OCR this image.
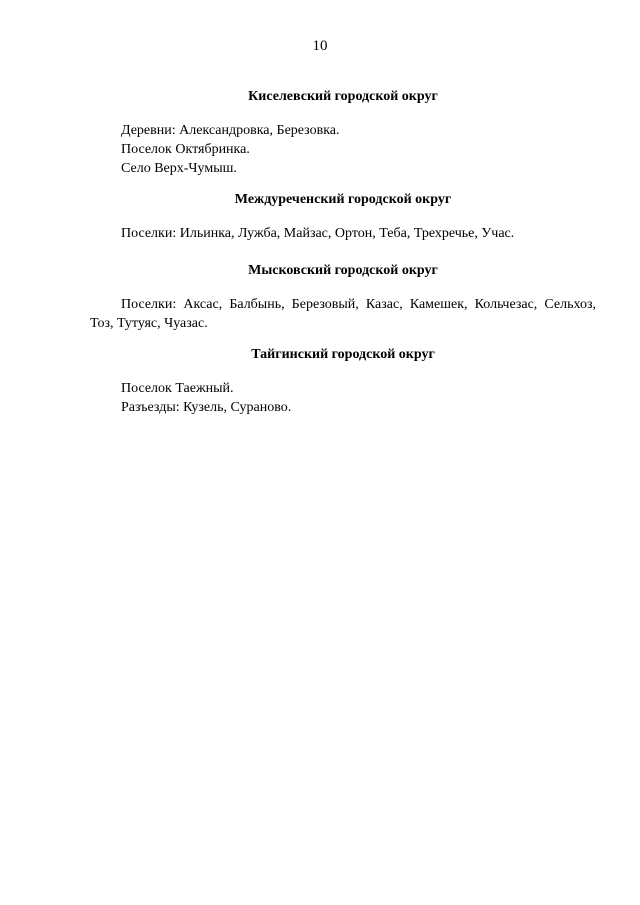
10
Киселевский городской округ
Деревни: Александровка, Березовка.
Поселок Октябринка.
Село Верх-Чумыш.
Междуреченский городской округ
Поселки: Ильинка, Лужба, Майзас, Ортон, Теба, Трехречье, Учас.
Мысковский городской округ

Поселки: Аксас, Балбынь, Березовый, Казас, Камешек, Кольчезас, Сельхоз, Тоз, Тутуяс, Чуазас.

Тайгинский городской округ
Поселок Таежный.
Разъезды: Кузель, Сураново.
